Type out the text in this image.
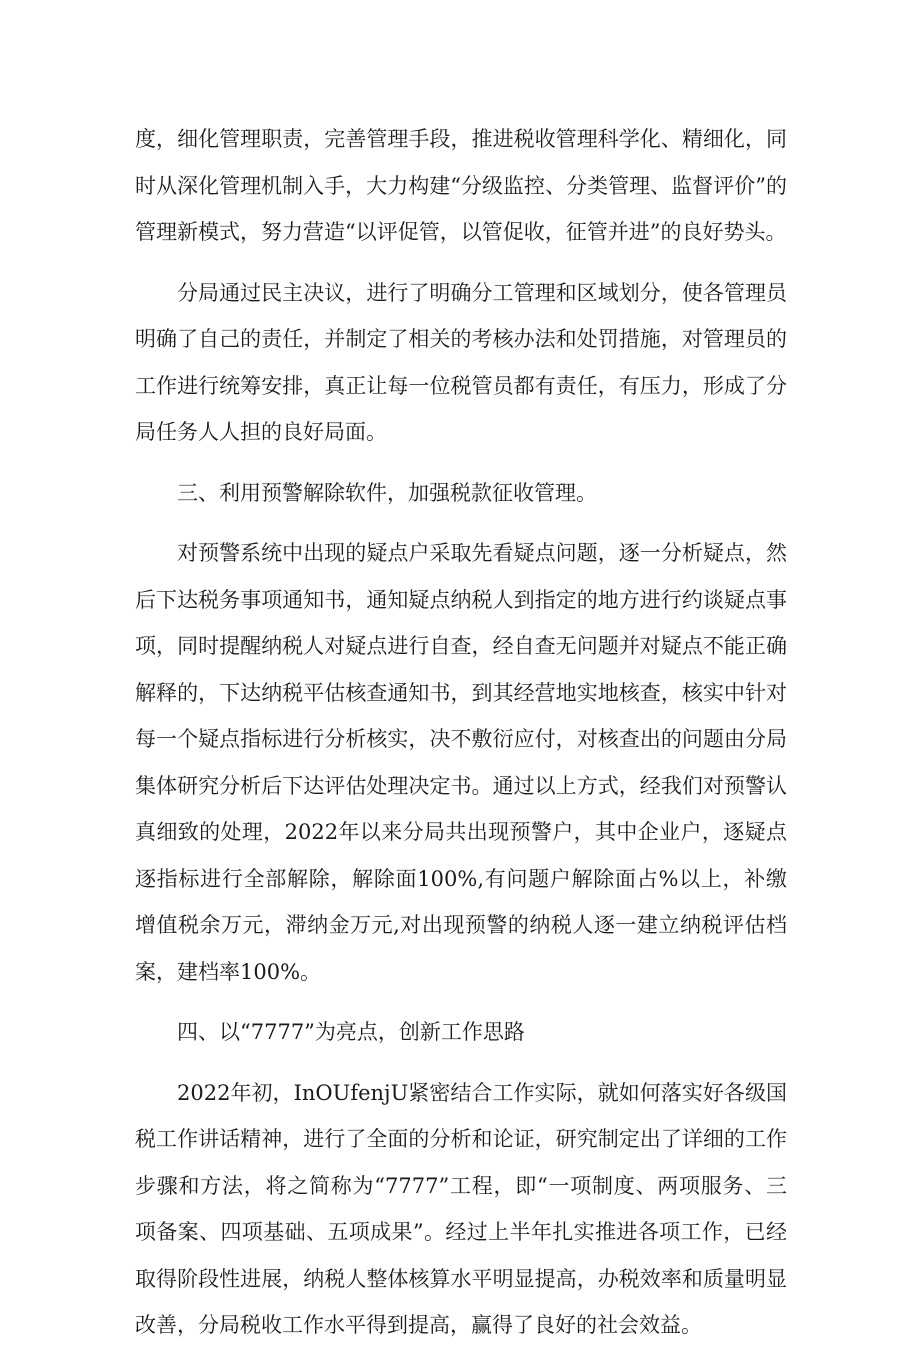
度，细化管理职责，完善管理手段，推进税收管理科学化、精细化，同时从深化管理机制入手，大力构建“分级监控、分类管理、监督评价”的管理新模式，努力营造“以评促管，以管促收，征管并进”的良好势头。

分局通过民主决议，进行了明确分工管理和区域划分，使各管理员明确了自己的责任，并制定了相关的考核办法和处罚措施，对管理员的工作进行统筹安排，真正让每一位税管员都有责任，有压力，形成了分局任务人人担的良好局面。

三、利用预警解除软件，加强税款征收管理。

对预警系统中出现的疑点户采取先看疑点问题，逐一分析疑点，然后下达税务事项通知书，通知疑点纳税人到指定的地方进行约谈疑点事项，同时提醒纳税人对疑点进行自查，经自查无问题并对疑点不能正确解释的，下达纳税平估核查通知书，到其经营地实地核查，核实中针对每一个疑点指标进行分析核实，决不敷衍应付，对核查出的问题由分局集体研究分析后下达评估处理决定书。通过以上方式，经我们对预警认真细致的处理，2022年以来分局共出现预警户，其中企业户，逐疑点逐指标进行全部解除，解除面100%,有问题户解除面占%以上，补缴增值税余万元，滞纳金万元,对出现预警的纳税人逐一建立纳税评估档案，建档率100%。

四、以“7777”为亮点，创新工作思路

2022年初，InOUfenjU紧密结合工作实际，就如何落实好各级国税工作讲话精神，进行了全面的分析和论证，研究制定出了详细的工作步骤和方法，将之简称为“7777”工程，即“一项制度、两项服务、三项备案、四项基础、五项成果”。经过上半年扎实推进各项工作，已经取得阶段性进展，纳税人整体核算水平明显提高，办税效率和质量明显改善，分局税收工作水平得到提高，赢得了良好的社会效益。
